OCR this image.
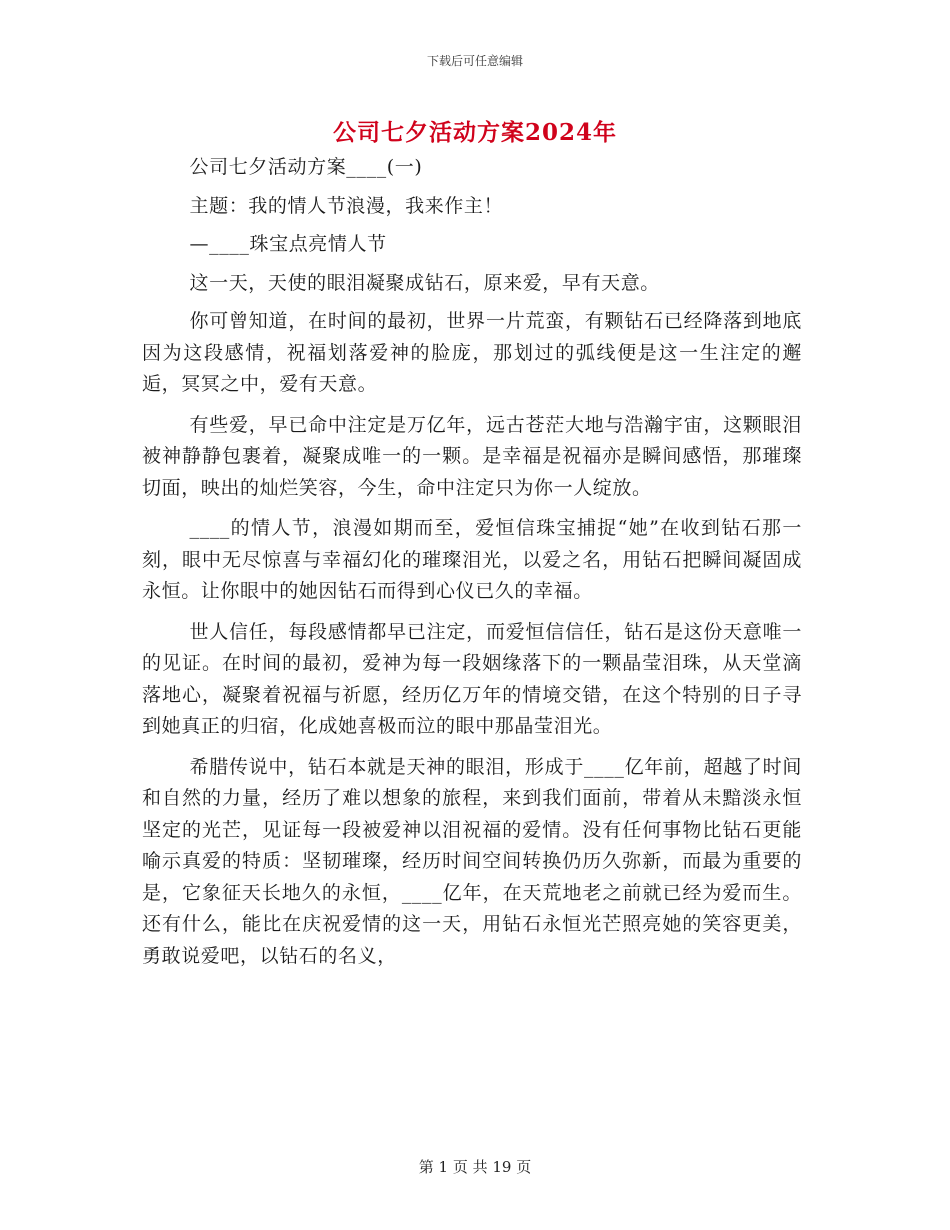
下载后可任意编辑
公司七夕活动方案2024年

公司七夕活动方案____(一)

主题：我的情人节浪漫，我来作主！

—____珠宝点亮情人节

这一天，天使的眼泪凝聚成钻石，原来爱，早有天意。

你可曾知道，在时间的最初，世界一片荒蛮，有颗钻石已经降落到地底因为这段感情，祝福划落爱神的脸庞，那划过的弧线便是这一生注定的邂逅，冥冥之中，爱有天意。

有些爱，早已命中注定是万亿年，远古苍茫大地与浩瀚宇宙，这颗眼泪被神静静包裹着，凝聚成唯一的一颗。是幸福是祝福亦是瞬间感悟，那璀璨切面，映出的灿烂笑容，今生，命中注定只为你一人绽放。

____的情人节，浪漫如期而至，爱恒信珠宝捕捉“她”在收到钻石那一刻，眼中无尽惊喜与幸福幻化的璀璨泪光，以爱之名，用钻石把瞬间凝固成永恒。让你眼中的她因钻石而得到心仪已久的幸福。

世人信任，每段感情都早已注定，而爱恒信信任，钻石是这份天意唯一的见证。在时间的最初，爱神为每一段姻缘落下的一颗晶莹泪珠，从天堂滴落地心，凝聚着祝福与祈愿，经历亿万年的情境交错，在这个特别的日子寻到她真正的归宿，化成她喜极而泣的眼中那晶莹泪光。

希腊传说中，钻石本就是天神的眼泪，形成于____亿年前，超越了时间和自然的力量，经历了难以想象的旅程，来到我们面前，带着从未黯淡永恒坚定的光芒，见证每一段被爱神以泪祝福的爱情。没有任何事物比钻石更能喻示真爱的特质：坚韧璀璨，经历时间空间转换仍历久弥新，而最为重要的是，它象征天长地久的永恒，____亿年，在天荒地老之前就已经为爱而生。还有什么，能比在庆祝爱情的这一天，用钻石永恒光芒照亮她的笑容更美，勇敢说爱吧，以钻石的名义，

第 1 页 共 19 页
